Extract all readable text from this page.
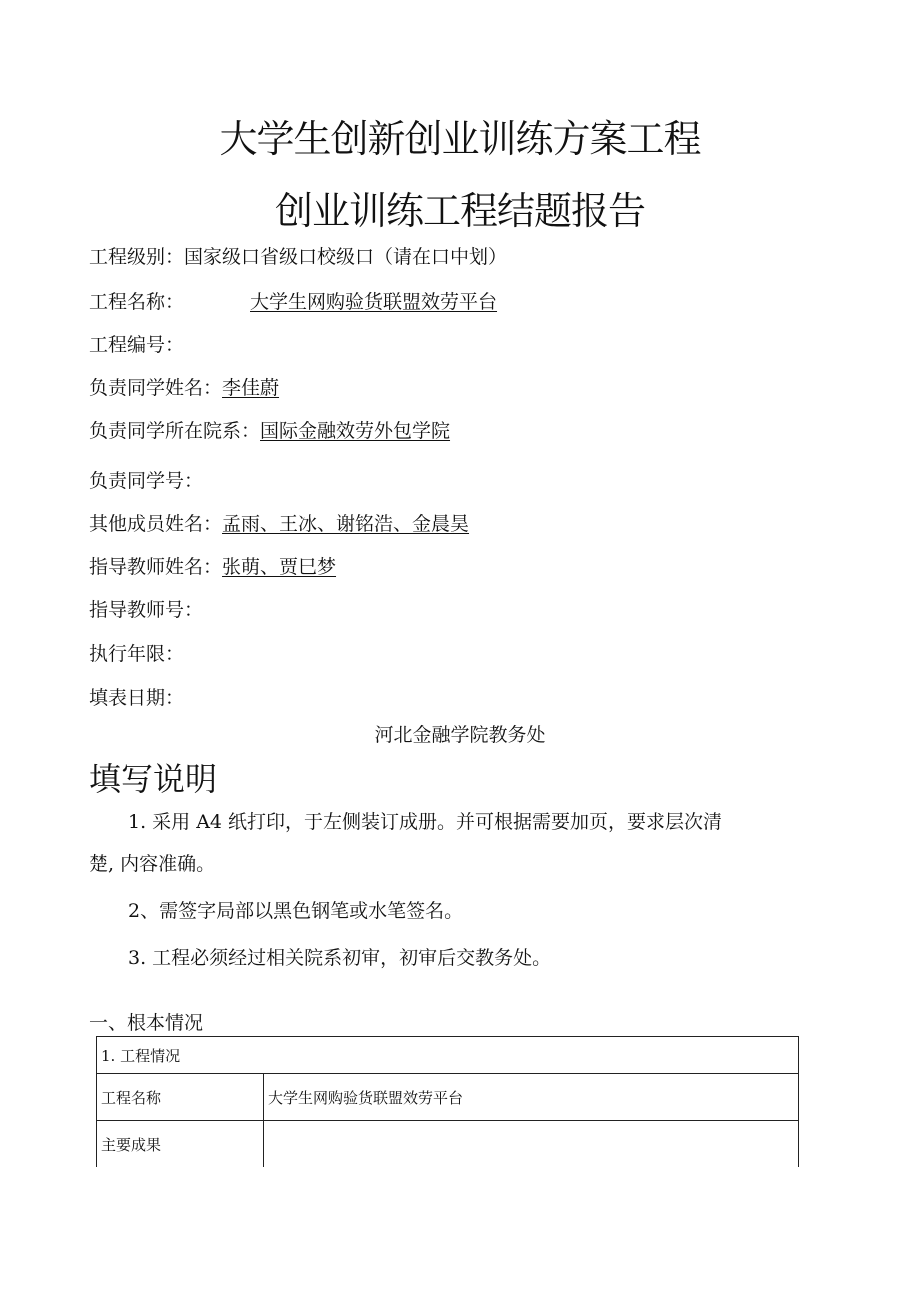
大学生创新创业训练方案工程
创业训练工程结题报告
工程级别：国家级口省级口校级口（请在口中划）
工程名称：	大学生网购验货联盟效劳平台
工程编号：
负责同学姓名：李佳蔚
负责同学所在院系：国际金融效劳外包学院
负责同学号：
其他成员姓名：孟雨、王冰、谢铭浩、金晨昊
指导教师姓名：张萌、贾巳梦
指导教师号：
执行年限：
填表日期：
河北金融学院教务处
填写说明
1. 采用 A4 纸打印，于左侧装订成册。并可根据需要加页，要求层次清
楚, 内容准确。
2、需签字局部以黑色钢笔或水笔签名。
3. 工程必须经过相关院系初审，初审后交教务处。
一、根本情况
1. 工程情况	
工程名称	大学生网购验货联盟效劳平台
主要成果	
